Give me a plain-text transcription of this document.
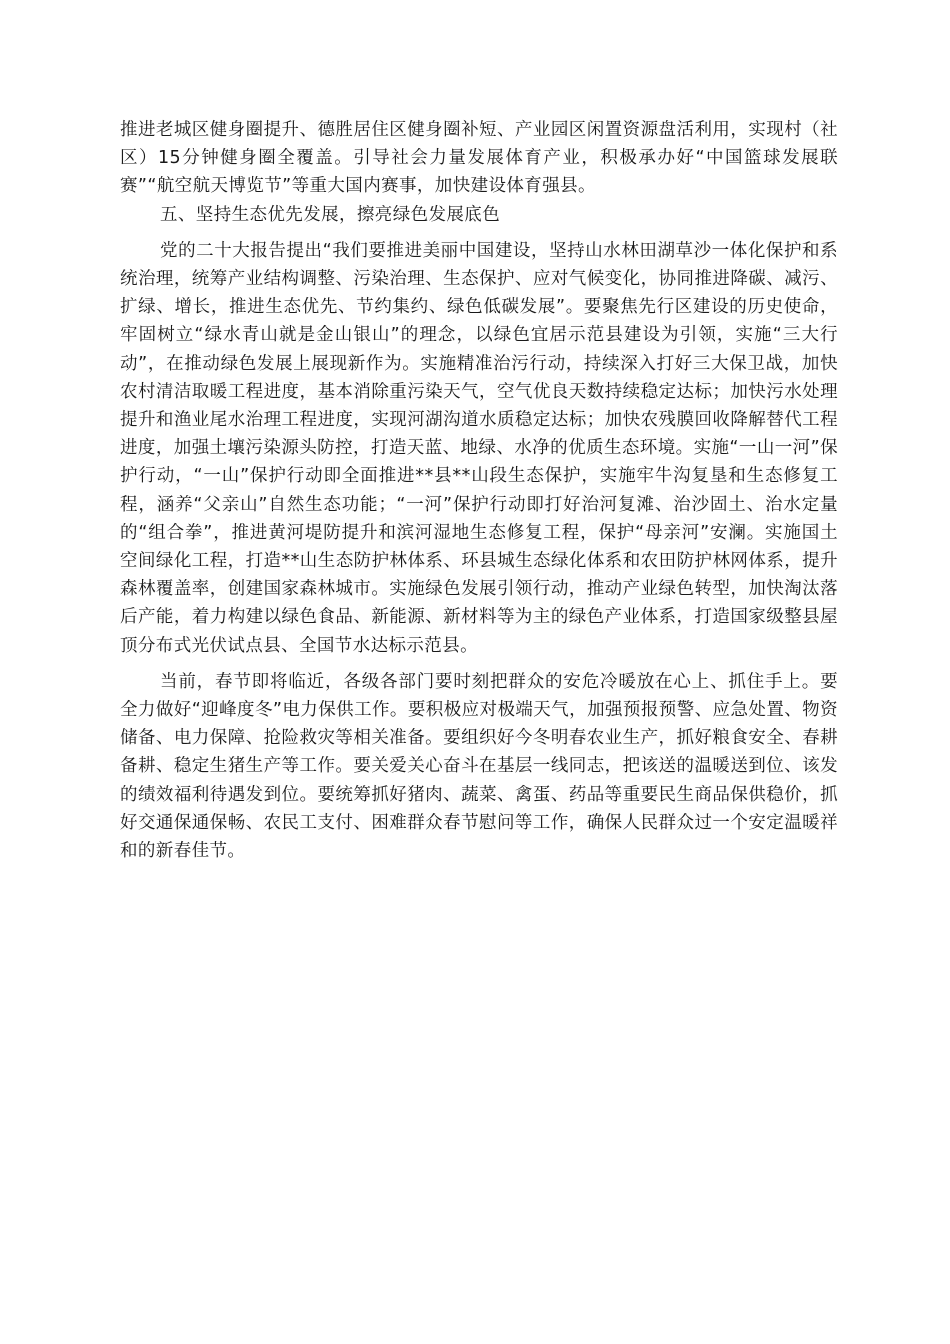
推进老城区健身圈提升、德胜居住区健身圈补短、产业园区闲置资源盘活利用，实现村（社区）15分钟健身圈全覆盖。引导社会力量发展体育产业，积极承办好“中国篮球发展联赛”“航空航天博览节”等重大国内赛事，加快建设体育强县。

五、坚持生态优先发展，擦亮绿色发展底色

党的二十大报告提出“我们要推进美丽中国建设，坚持山水林田湖草沙一体化保护和系统治理，统筹产业结构调整、污染治理、生态保护、应对气候变化，协同推进降碳、减污、扩绿、增长，推进生态优先、节约集约、绿色低碳发展”。要聚焦先行区建设的历史使命，牢固树立“绿水青山就是金山银山”的理念，以绿色宜居示范县建设为引领，实施“三大行动”，在推动绿色发展上展现新作为。实施精准治污行动，持续深入打好三大保卫战，加快农村清洁取暖工程进度，基本消除重污染天气，空气优良天数持续稳定达标；加快污水处理提升和渔业尾水治理工程进度，实现河湖沟道水质稳定达标；加快农残膜回收降解替代工程进度，加强土壤污染源头防控，打造天蓝、地绿、水净的优质生态环境。实施“一山一河”保护行动，“一山”保护行动即全面推进**县**山段生态保护，实施牢牛沟复垦和生态修复工程，涵养“父亲山”自然生态功能；“一河”保护行动即打好治河复滩、治沙固土、治水定量的“组合拳”，推进黄河堤防提升和滨河湿地生态修复工程，保护“母亲河”安澜。实施国土空间绿化工程，打造**山生态防护林体系、环县城生态绿化体系和农田防护林网体系，提升森林覆盖率，创建国家森林城市。实施绿色发展引领行动，推动产业绿色转型，加快淘汰落后产能，着力构建以绿色食品、新能源、新材料等为主的绿色产业体系，打造国家级整县屋顶分布式光伏试点县、全国节水达标示范县。

当前，春节即将临近，各级各部门要时刻把群众的安危冷暖放在心上、抓住手上。要全力做好“迎峰度冬”电力保供工作。要积极应对极端天气，加强预报预警、应急处置、物资储备、电力保障、抢险救灾等相关准备。要组织好今冬明春农业生产，抓好粮食安全、春耕备耕、稳定生猪生产等工作。要关爱关心奋斗在基层一线同志，把该送的温暖送到位、该发的绩效福利待遇发到位。要统筹抓好猪肉、蔬菜、禽蛋、药品等重要民生商品保供稳价，抓好交通保通保畅、农民工支付、困难群众春节慰问等工作，确保人民群众过一个安定温暖祥和的新春佳节。
